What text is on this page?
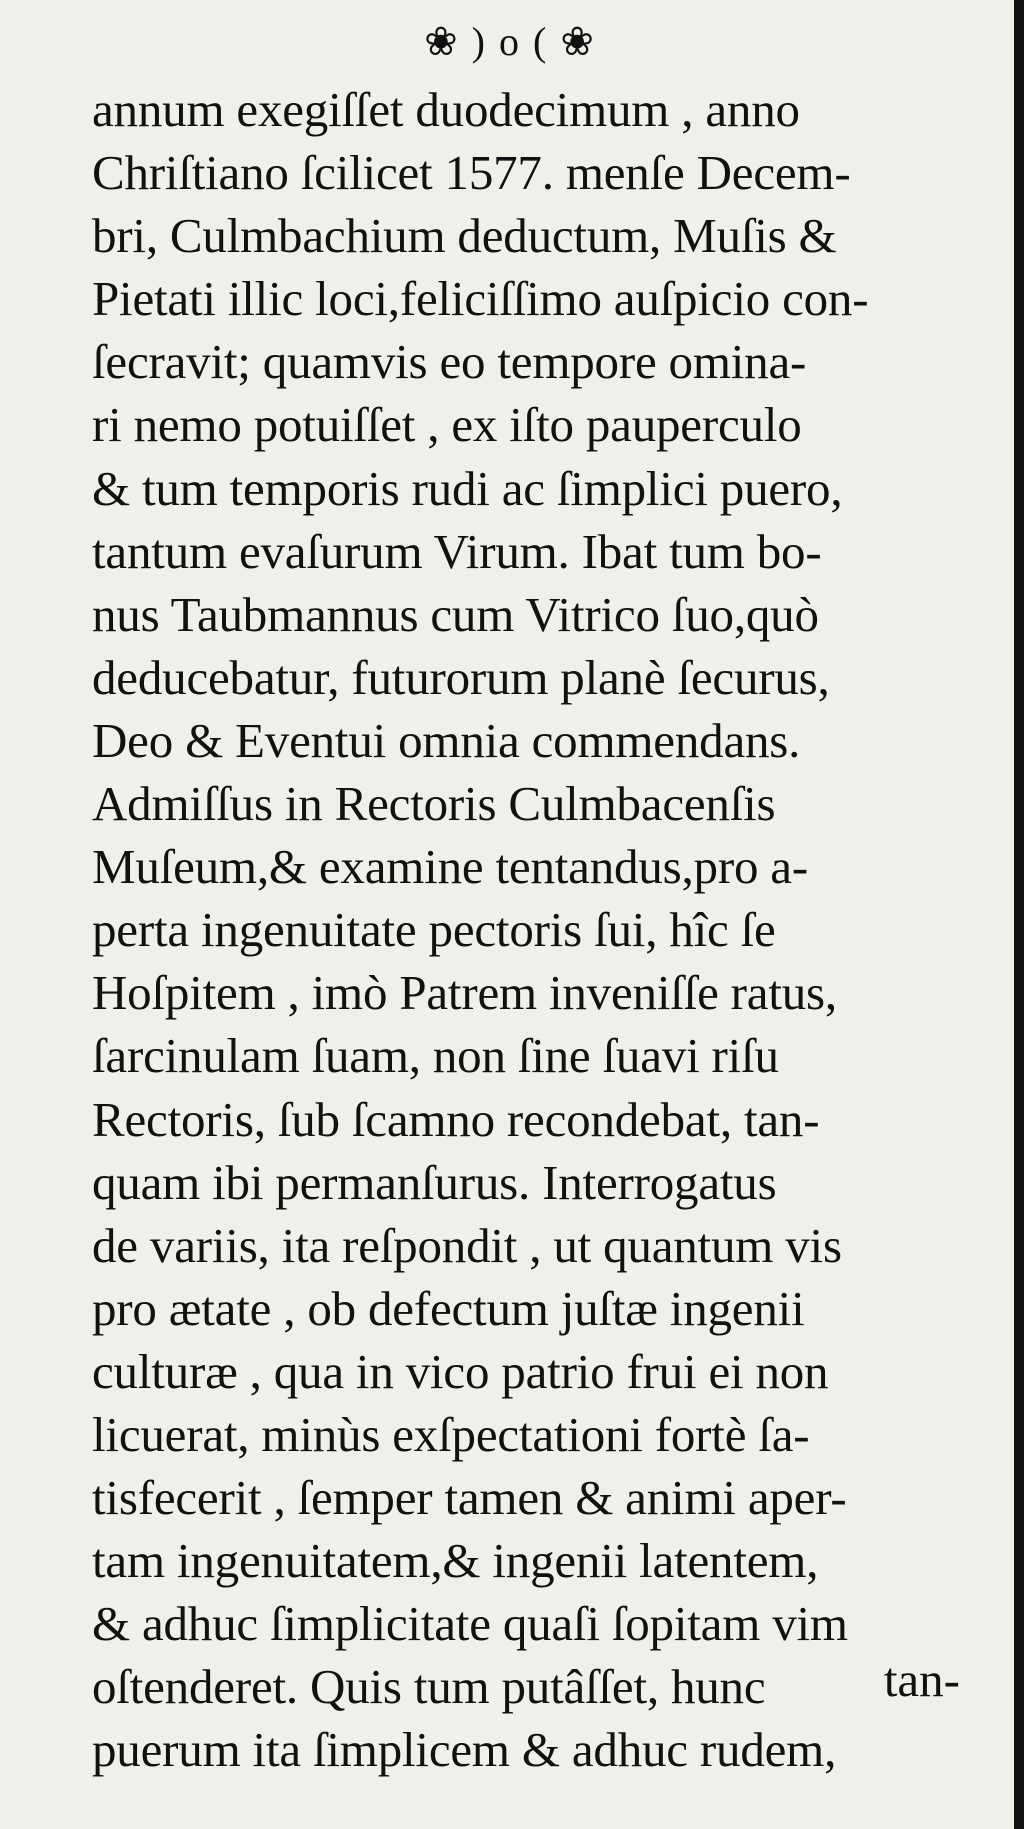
❀ ) o ( ❀
annum exegiſſet duodecimum , anno
Chriſtiano ſcilicet 1577. menſe Decem-
bri, Culmbachium deductum, Muſis &
Pietati illic loci,feliciſſimo auſpicio con-
ſecravit; quamvis eo tempore omina-
ri nemo potuiſſet , ex iſto pauperculo
& tum temporis rudi ac ſimplici puero,
tantum evaſurum Virum. Ibat tum bo-
nus Taubmannus cum Vitrico ſuo,quò
deducebatur, futurorum planè ſecurus,
Deo & Eventui omnia commendans.
Admiſſus in Rectoris Culmbacenſis
Muſeum,& examine tentandus,pro a-
perta ingenuitate pectoris ſui, hîc ſe
Hoſpitem , imò Patrem inveniſſe ratus,
ſarcinulam ſuam, non ſine ſuavi riſu
Rectoris, ſub ſcamno recondebat, tan-
quam ibi permanſurus. Interrogatus
de variis, ita reſpondit , ut quantum vis
pro ætate , ob defectum juſtæ ingenii
culturæ , qua in vico patrio frui ei non
licuerat, minùs exſpectationi fortè ſa-
tisfecerit , ſemper tamen & animi aper-
tam ingenuitatem,& ingenii latentem,
& adhuc ſimplicitate quaſi ſopitam vim
oſtenderet. Quis tum putâſſet, hunc
puerum ita ſimplicem & adhuc rudem,
tan-
